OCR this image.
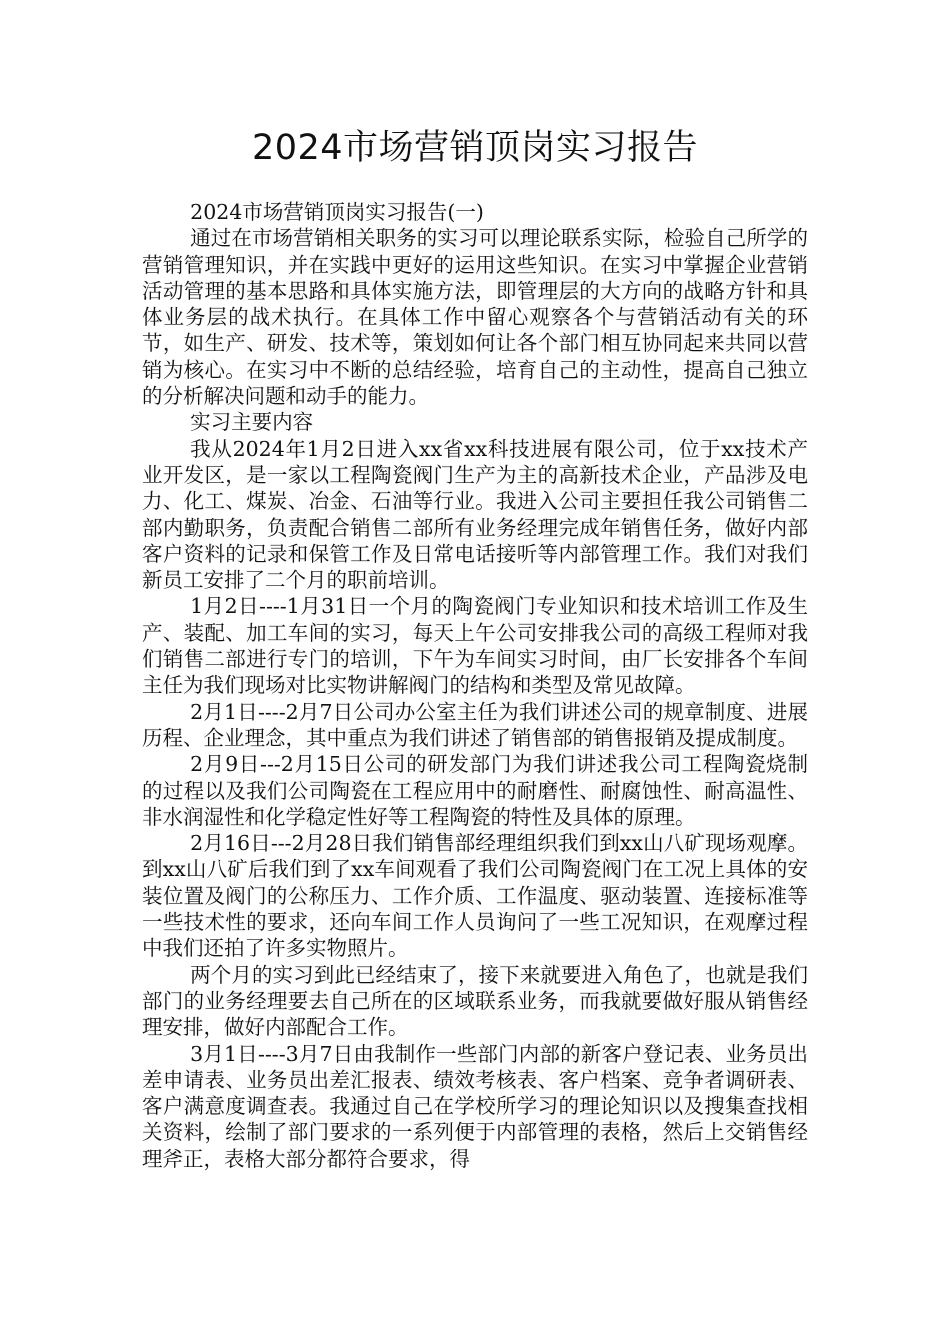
2024市场营销顶岗实习报告

2024市场营销顶岗实习报告(一)

通过在市场营销相关职务的实习可以理论联系实际，检验自己所学的营销管理知识，并在实践中更好的运用这些知识。在实习中掌握企业营销活动管理的基本思路和具体实施方法，即管理层的大方向的战略方针和具体业务层的战术执行。在具体工作中留心观察各个与营销活动有关的环节，如生产、研发、技术等，策划如何让各个部门相互协同起来共同以营销为核心。在实习中不断的总结经验，培育自己的主动性，提高自己独立的分析解决问题和动手的能力。

实习主要内容

我从2024年1月2日进入xx省xx科技进展有限公司，位于xx技术产业开发区，是一家以工程陶瓷阀门生产为主的高新技术企业，产品涉及电力、化工、煤炭、冶金、石油等行业。我进入公司主要担任我公司销售二部内勤职务，负责配合销售二部所有业务经理完成年销售任务，做好内部客户资料的记录和保管工作及日常电话接听等内部管理工作。我们对我们新员工安排了二个月的职前培训。

1月2日----1月31日一个月的陶瓷阀门专业知识和技术培训工作及生产、装配、加工车间的实习，每天上午公司安排我公司的高级工程师对我们销售二部进行专门的培训，下午为车间实习时间，由厂长安排各个车间主任为我们现场对比实物讲解阀门的结构和类型及常见故障。

2月1日----2月7日公司办公室主任为我们讲述公司的规章制度、进展历程、企业理念，其中重点为我们讲述了销售部的销售报销及提成制度。

2月9日---2月15日公司的研发部门为我们讲述我公司工程陶瓷烧制的过程以及我们公司陶瓷在工程应用中的耐磨性、耐腐蚀性、耐高温性、非水润湿性和化学稳定性好等工程陶瓷的特性及具体的原理。

2月16日---2月28日我们销售部经理组织我们到xx山八矿现场观摩。到xx山八矿后我们到了xx车间观看了我们公司陶瓷阀门在工况上具体的安装位置及阀门的公称压力、工作介质、工作温度、驱动装置、连接标准等一些技术性的要求，还向车间工作人员询问了一些工况知识，在观摩过程中我们还拍了许多实物照片。

两个月的实习到此已经结束了，接下来就要进入角色了，也就是我们部门的业务经理要去自己所在的区域联系业务，而我就要做好服从销售经理安排，做好内部配合工作。

3月1日----3月7日由我制作一些部门内部的新客户登记表、业务员出差申请表、业务员出差汇报表、绩效考核表、客户档案、竞争者调研表、客户满意度调查表。我通过自己在学校所学习的理论知识以及搜集查找相关资料，绘制了部门要求的一系列便于内部管理的表格，然后上交销售经理斧正，表格大部分都符合要求，得
